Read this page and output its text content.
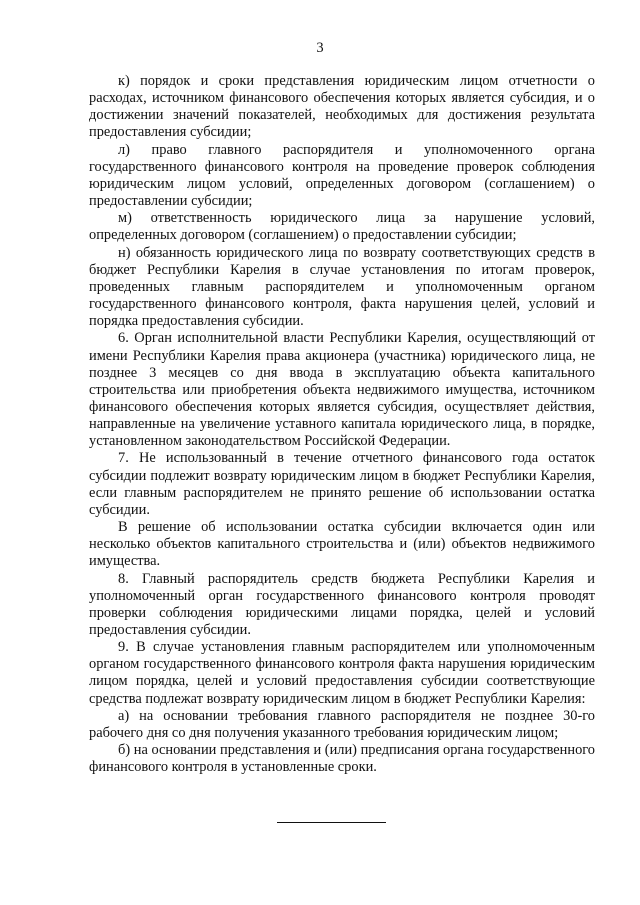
3

к) порядок и сроки представления юридическим лицом отчетности о расходах, источником финансового обеспечения которых является субсидия, и о достижении значений показателей, необходимых для достижения результата предоставления субсидии;

л) право главного распорядителя и уполномоченного органа государственного финансового контроля на проведение проверок соблюдения юридическим лицом условий, определенных договором (соглашением) о предоставлении субсидии;

м) ответственность юридического лица за нарушение условий, определенных договором (соглашением) о предоставлении субсидии;

н) обязанность юридического лица по возврату соответствующих средств в бюджет Республики Карелия в случае установления по итогам проверок, проведенных главным распорядителем и уполномоченным органом государственного финансового контроля, факта нарушения целей, условий и порядка предоставления субсидии.

6. Орган исполнительной власти Республики Карелия, осуществляющий от имени Республики Карелия права акционера (участника) юридического лица, не позднее 3 месяцев со дня ввода в эксплуатацию объекта капитального строительства или приобретения объекта недвижимого имущества, источником финансового обеспечения которых является субсидия, осуществляет действия, направленные на увеличение уставного капитала юридического лица, в порядке, установленном законодательством Российской Федерации.

7. Не использованный в течение отчетного финансового года остаток субсидии подлежит возврату юридическим лицом в бюджет Республики Карелия, если главным распорядителем не принято решение об использовании остатка субсидии.

В решение об использовании остатка субсидии включается один или несколько объектов капитального строительства и (или) объектов недвижимого имущества.

8. Главный распорядитель средств бюджета Республики Карелия и уполномоченный орган государственного финансового контроля проводят проверки соблюдения юридическими лицами порядка, целей и условий предоставления субсидии.

9. В случае установления главным распорядителем или уполномоченным органом государственного финансового контроля факта нарушения юридическим лицом порядка, целей и условий предоставления субсидии соответствующие средства подлежат возврату юридическим лицом в бюджет Республики Карелия:

а) на основании требования главного распорядителя не позднее 30-го рабочего дня со дня получения указанного требования юридическим лицом;

б) на основании представления и (или) предписания органа государственного финансового контроля в установленные сроки.
